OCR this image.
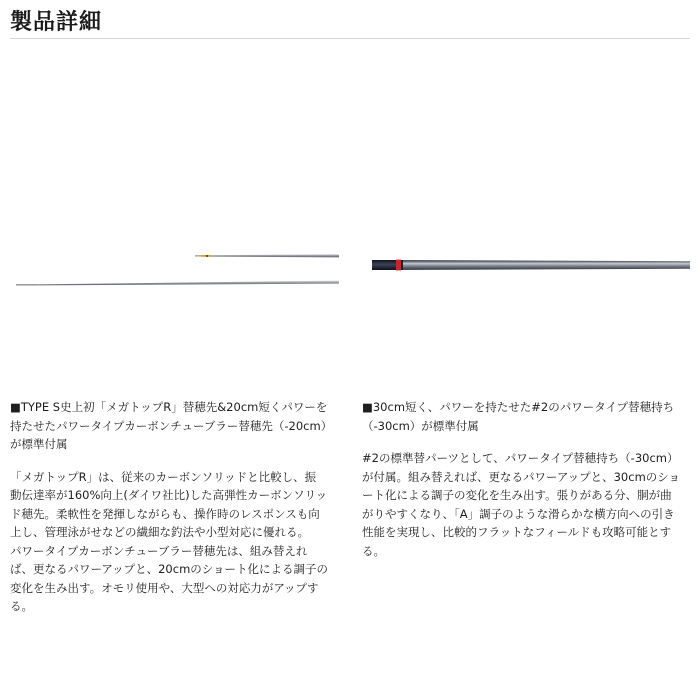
製品詳細

■TYPE S史上初「メガトップR」替穂先&20cm短くパワーを
持たせたパワータイプカーボンチューブラー替穂先（-20cm）
が標準付属

「メガトップR」は、従来のカーボンソリッドと比較し、振
動伝達率が160%向上(ダイワ社比)した高弾性カーボンソリッ
ド穂先。柔軟性を発揮しながらも、操作時のレスポンスも向
上し、管理泳がせなどの繊細な釣法や小型対応に優れる。
パワータイプカーボンチューブラー替穂先は、組み替えれ
ば、更なるパワーアップと、20cmのショート化による調子の
変化を生み出す。オモリ使用や、大型への対応力がアップす
る。

■30cm短く、パワーを持たせた#2のパワータイプ替穂持ち
（-30cm）が標準付属

#2の標準替パーツとして、パワータイプ替穂持ち（-30cm）
が付属。組み替えれば、更なるパワーアップと、30cmのショ
ート化による調子の変化を生み出す。張りがある分、胴が曲
がりやすくなり、「A」調子のような滑らかな横方向への引き
性能を実現し、比較的フラットなフィールドも攻略可能とす
る。
